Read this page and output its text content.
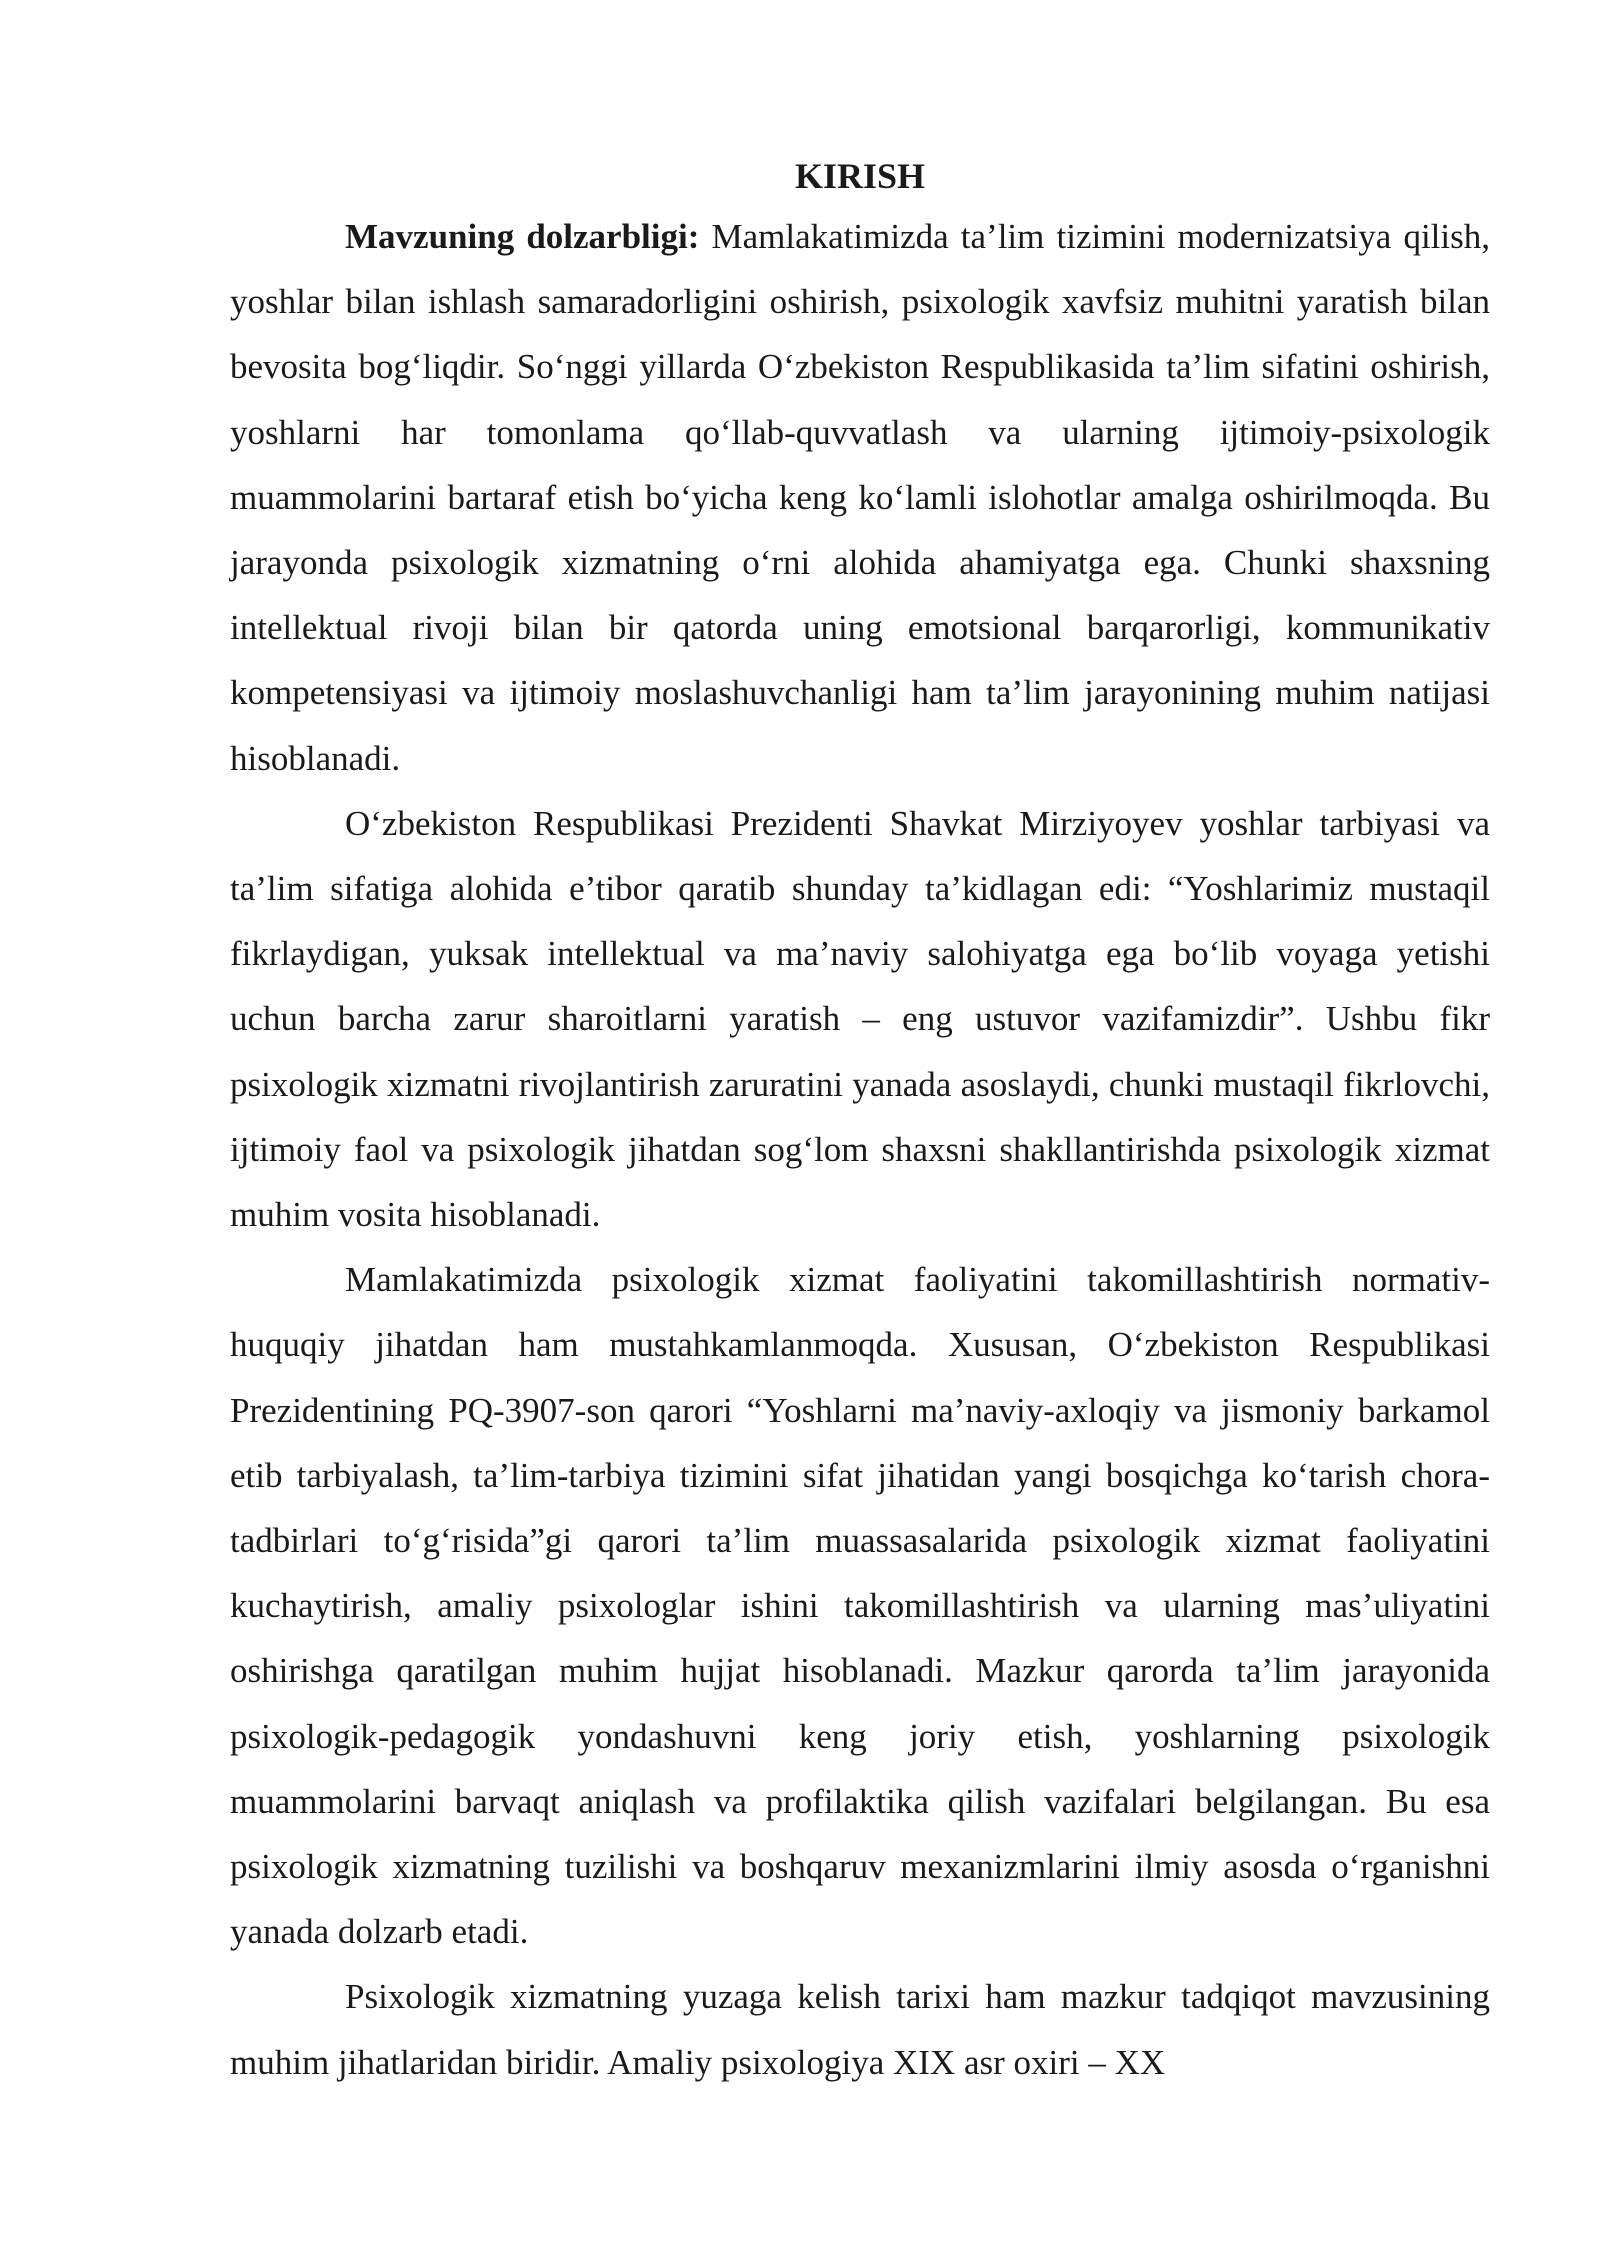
KIRISH

Mavzuning dolzarbligi: Mamlakatimizda ta’lim tizimini modernizatsiya qilish, yoshlar bilan ishlash samaradorligini oshirish, psixologik xavfsiz muhitni yaratish bilan bevosita bog‘liqdir. So‘nggi yillarda O‘zbekiston Respublikasida ta’lim sifatini oshirish, yoshlarni har tomonlama qo‘llab-quvvatlash va ularning ijtimoiy-psixologik muammolarini bartaraf etish bo‘yicha keng ko‘lamli islohotlar amalga oshirilmoqda. Bu jarayonda psixologik xizmatning o‘rni alohida ahamiyatga ega. Chunki shaxsning intellektual rivoji bilan bir qatorda uning emotsional barqarorligi, kommunikativ kompetensiyasi va ijtimoiy moslashuvchanligi ham ta’lim jarayonining muhim natijasi hisoblanadi.

O‘zbekiston Respublikasi Prezidenti Shavkat Mirziyoyev yoshlar tarbiyasi va ta’lim sifatiga alohida e’tibor qaratib shunday ta’kidlagan edi: “Yoshlarimiz mustaqil fikrlaydigan, yuksak intellektual va ma’naviy salohiyatga ega bo‘lib voyaga yetishi uchun barcha zarur sharoitlarni yaratish – eng ustuvor vazifamizdir”. Ushbu fikr psixologik xizmatni rivojlantirish zaruratini yanada asoslaydi, chunki mustaqil fikrlovchi, ijtimoiy faol va psixologik jihatdan sog‘lom shaxsni shakllantirishda psixologik xizmat muhim vosita hisoblanadi.

Mamlakatimizda psixologik xizmat faoliyatini takomillashtirish normativ-huquqiy jihatdan ham mustahkamlanmoqda. Xususan, O‘zbekiston Respublikasi Prezidentining PQ-3907-son qarori “Yoshlarni ma’naviy-axloqiy va jismoniy barkamol etib tarbiyalash, ta’lim-tarbiya tizimini sifat jihatidan yangi bosqichga ko‘tarish chora-tadbirlari to‘g‘risida”gi qarori ta’lim muassasalarida psixologik xizmat faoliyatini kuchaytirish, amaliy psixologlar ishini takomillashtirish va ularning mas’uliyatini oshirishga qaratilgan muhim hujjat hisoblanadi. Mazkur qarorda ta’lim jarayonida psixologik-pedagogik yondashuvni keng joriy etish, yoshlarning psixologik muammolarini barvaqt aniqlash va profilaktika qilish vazifalari belgilangan. Bu esa psixologik xizmatning tuzilishi va boshqaruv mexanizmlarini ilmiy asosda o‘rganishni yanada dolzarb etadi.

Psixologik xizmatning yuzaga kelish tarixi ham mazkur tadqiqot mavzusining muhim jihatlaridan biridir. Amaliy psixologiya XIX asr oxiri – XX
